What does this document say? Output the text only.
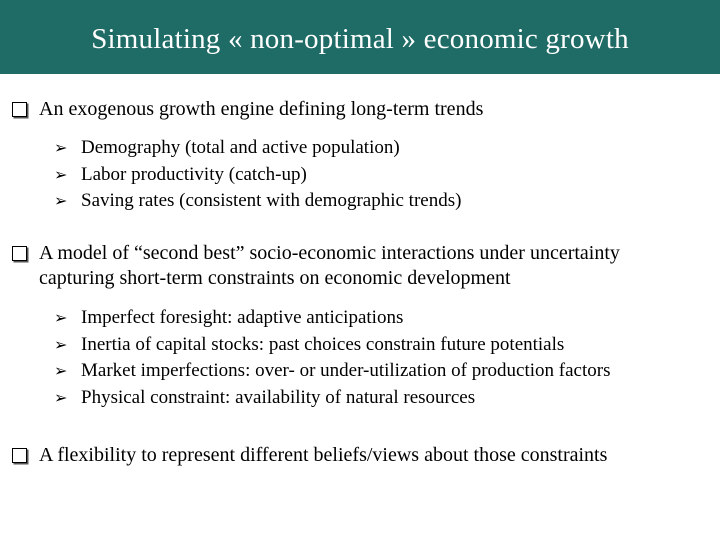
Simulating « non-optimal » economic growth
An exogenous growth engine defining long-term trends
➢ Demography (total and active population)
➢ Labor productivity (catch-up)
➢ Saving rates (consistent with demographic trends)
A model of “second best” socio-economic interactions under uncertainty
capturing short-term constraints on economic development
➢ Imperfect foresight: adaptive anticipations
➢ Inertia of capital stocks: past choices constrain future potentials
➢ Market imperfections: over- or under-utilization of production factors
➢ Physical constraint: availability of natural resources
A flexibility to represent different beliefs/views about those constraints
